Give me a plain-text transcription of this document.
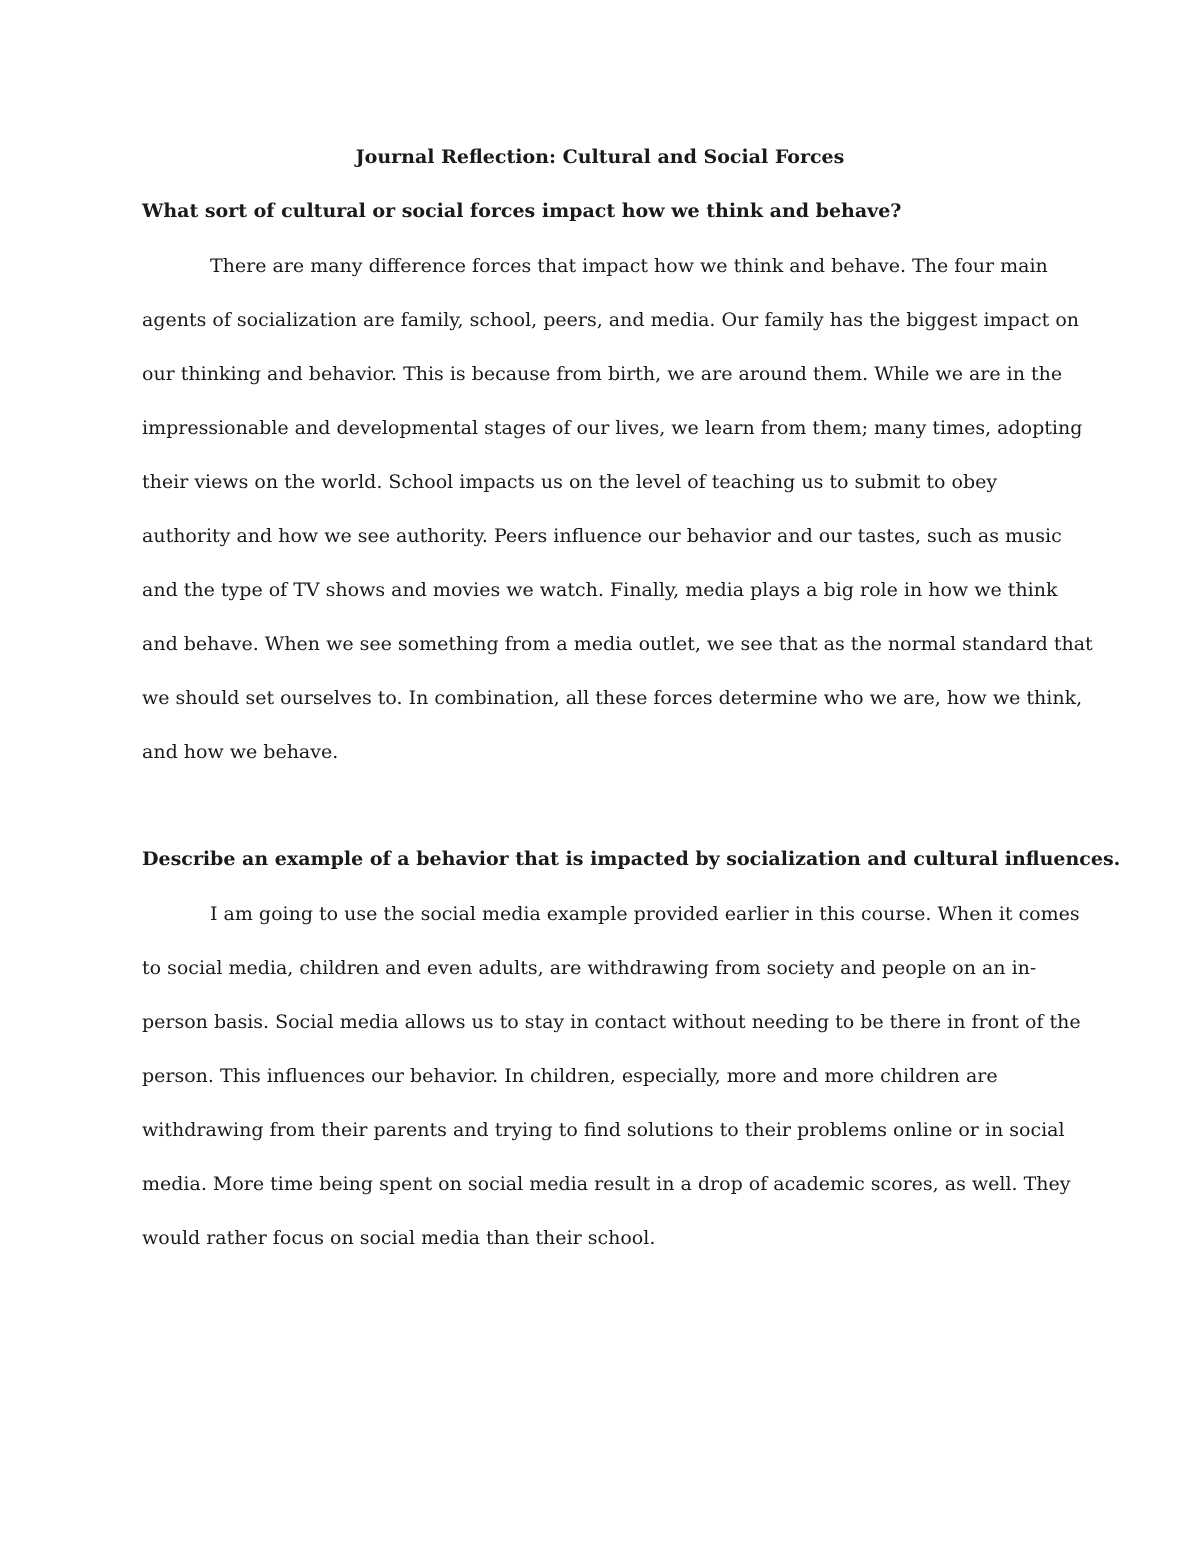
Journal Reflection: Cultural and Social Forces
What sort of cultural or social forces impact how we think and behave?
There are many difference forces that impact how we think and behave. The four main
agents of socialization are family, school, peers, and media. Our family has the biggest impact on
our thinking and behavior. This is because from birth, we are around them. While we are in the
impressionable and developmental stages of our lives, we learn from them; many times, adopting
their views on the world. School impacts us on the level of teaching us to submit to obey
authority and how we see authority. Peers influence our behavior and our tastes, such as music
and the type of TV shows and movies we watch. Finally, media plays a big role in how we think
and behave. When we see something from a media outlet, we see that as the normal standard that
we should set ourselves to. In combination, all these forces determine who we are, how we think,
and how we behave.
Describe an example of a behavior that is impacted by socialization and cultural influences.
I am going to use the social media example provided earlier in this course. When it comes
to social media, children and even adults, are withdrawing from society and people on an in-
person basis. Social media allows us to stay in contact without needing to be there in front of the
person. This influences our behavior. In children, especially, more and more children are
withdrawing from their parents and trying to find solutions to their problems online or in social
media. More time being spent on social media result in a drop of academic scores, as well. They
would rather focus on social media than their school.
